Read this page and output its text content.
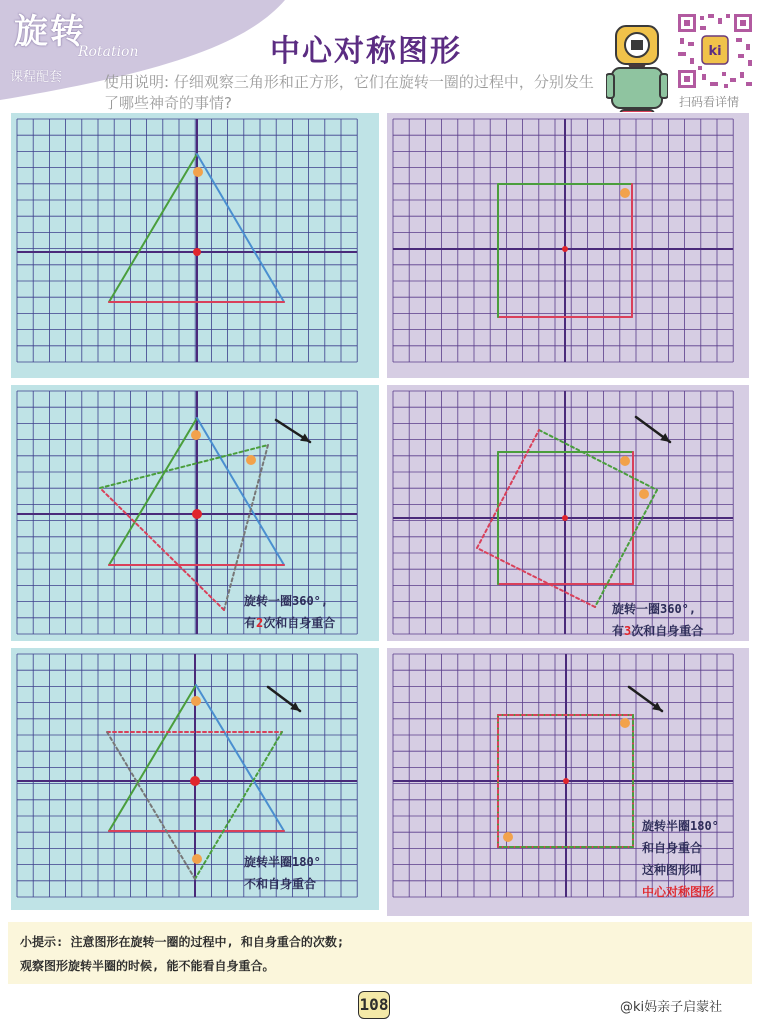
旋转
Rotation
课程配套
中心对称图形
使用说明: 仔细观察三角形和正方形，它们在旋转一圈的过程中，分别发生了哪些神奇的事情?
ki
扫码看详情
旋转一圈360°,
有2次和自身重合
旋转一圈360°,
有3次和自身重合
旋转半圈180°
不和自身重合
旋转半圈180°
和自身重合
这种图形叫
中心对称图形
小提示: 注意图形在旋转一圈的过程中, 和自身重合的次数;
观察图形旋转半圈的时候, 能不能看自身重合。
108	@ki妈亲子启蒙社
